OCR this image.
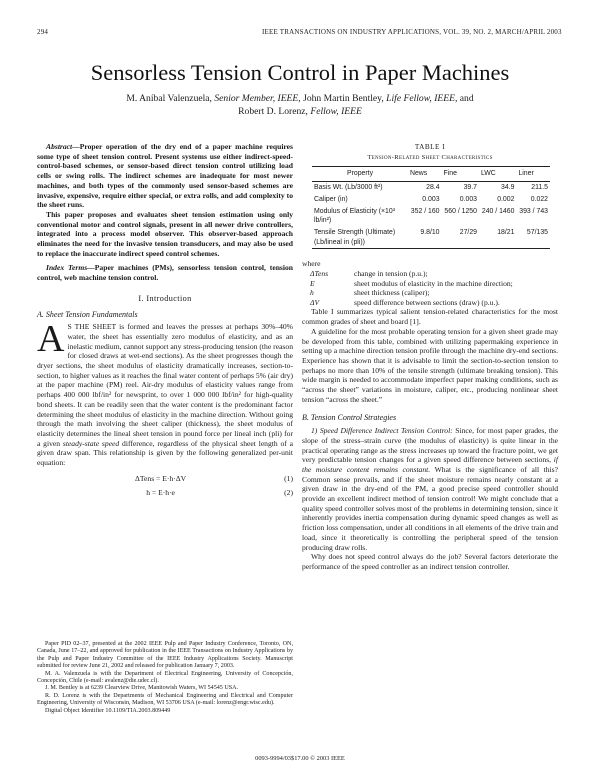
294	IEEE TRANSACTIONS ON INDUSTRY APPLICATIONS, VOL. 39, NO. 2, MARCH/APRIL 2003
Sensorless Tension Control in Paper Machines
M. Aníbal Valenzuela, Senior Member, IEEE, John Martin Bentley, Life Fellow, IEEE, and
Robert D. Lorenz, Fellow, IEEE

Abstract—Proper operation of the dry end of a paper machine requires some type of sheet tension control. Present systems use either indirect-speed-control-based schemes, or sensor-based direct tension control utilizing load cells or swing rolls. The indirect schemes are inadequate for most newer machines, and both types of the commonly used sensor-based schemes are invasive, expensive, require either special, or extra rolls, and add complexity to the sheet runs.

This paper proposes and evaluates sheet tension estimation using only conventional motor and control signals, present in all newer drive controllers, integrated into a process model observer. This observer-based approach eliminates the need for the invasive tension transducers, and may also be used to replace the inaccurate indirect speed control schemes.

Index Terms—Paper machines (PMs), sensorless tension control, tension control, web machine tension control.

I. Introduction
A. Sheet Tension Fundamentals

A S THE SHEET is formed and leaves the presses at perhaps 30%–40% water, the sheet has essentially zero modulus of elasticity, and as an inelastic medium, cannot support any stress-producing tension (the reason for closed draws at wet-end sections). As the sheet progresses though the dryer sections, the sheet modulus of elasticity dramatically increases, section-to-section, to higher values as it reaches the final water content of perhaps 5% (air dry) at the paper machine (PM) reel. Air-dry modulus of elasticity values range from perhaps 400 000 lbf/in² for newsprint, to over 1 000 000 lbf/in² for high-quality bond sheets. It can be readily seen that the water content is the predominant factor determining the sheet modulus of elasticity in the machine direction. Without going through the math involving the sheet caliper (thickness), the sheet modulus of elasticity determines the lineal sheet tension in pound force per lineal inch (pli) for a given steady-state speed difference, regardless of the physical sheet length of a given draw span. This relationship is given by the following generalized per-unit equation:

ΔTens = E·h·ΔV	(1)
h = E·h·e	(2)

Paper PID 02–37, presented at the 2002 IEEE Pulp and Paper Industry Conference, Toronto, ON, Canada, June 17–22, and approved for publication in the IEEE Transactions on Industry Applications by the Pulp and Paper Industry Committee of the IEEE Industry Applications Society. Manuscript submitted for review June 21, 2002 and released for publication January 7, 2003.

M. A. Valenzuela is with the Department of Electrical Engineering, University of Concepción, Concepción, Chile (e-mail: avalenz@die.udec.cl).

J. M. Bentley is at 6239 Clearview Drive, Manitowish Waters, WI 54545 USA.

R. D. Lorenz is with the Departments of Mechanical Engineering and Electrical and Computer Engineering, University of Wisconsin, Madison, WI 53706 USA (e-mail: lorenz@engr.wisc.edu).

Digital Object Identifier 10.1109/TIA.2003.809449

TABLE I
Tension-Related Sheet Characteristics
Property	News	Fine	LWC	Liner
Basis Wt. (Lb/3000 ft²)	28.4	39.7	34.9	211.5
Caliper (in)	0.003	0.003	0.002	0.022
Modulus of Elasticity (×10³ lb/in²)	352 / 160	560 / 1250	240 / 1460	393 / 743
Tensile Strength (Ultimate) (Lb/lineal in (pli))	9.8/10	27/29	18/21	57/135
where
ΔTens	change in tension (p.u.);
E	sheet modulus of elasticity in the machine direction;
h	sheet thickness (caliper);
ΔV	speed difference between sections (draw) (p.u.).

Table I summarizes typical salient tension-related characteristics for the most common grades of sheet and board [1].

A guideline for the most probable operating tension for a given sheet grade may be developed from this table, combined with utilizing papermaking experience in setting up a machine direction tension profile through the machine dry-end sections. Experience has shown that it is advisable to limit the section-to-section tension to perhaps no more than 10% of the tensile strength (ultimate breaking tension). This wide margin is needed to accommodate imperfect paper making conditions, such as “across the sheet” variations in moisture, caliper, etc., producing nonlinear sheet tension “across the sheet.”

B. Tension Control Strategies

1) Speed Difference Indirect Tension Control: Since, for most paper grades, the slope of the stress–strain curve (the modulus of elasticity) is quite linear in the practical operating range as the stress increases up toward the fracture point, we get very predictable tension changes for a given speed difference between sections, if the moisture content remains constant. What is the significance of all this? Common sense prevails, and if the sheet moisture remains nearly constant at a given draw in the dry-end of the PM, a good precise speed controller should provide an excellent indirect method of tension control! We might conclude that a quality speed controller solves most of the problems in determining tension, since it inherently provides inertia compensation during dynamic speed changes as well as friction loss compensation, under all conditions in all elements of the drive train and load, since it theoretically is controlling the peripheral speed of the tension producing draw rolls.

Why does not speed control always do the job? Several factors deteriorate the performance of the speed controller as an indirect tension controller.

0093-9994/03$17.00 © 2003 IEEE
